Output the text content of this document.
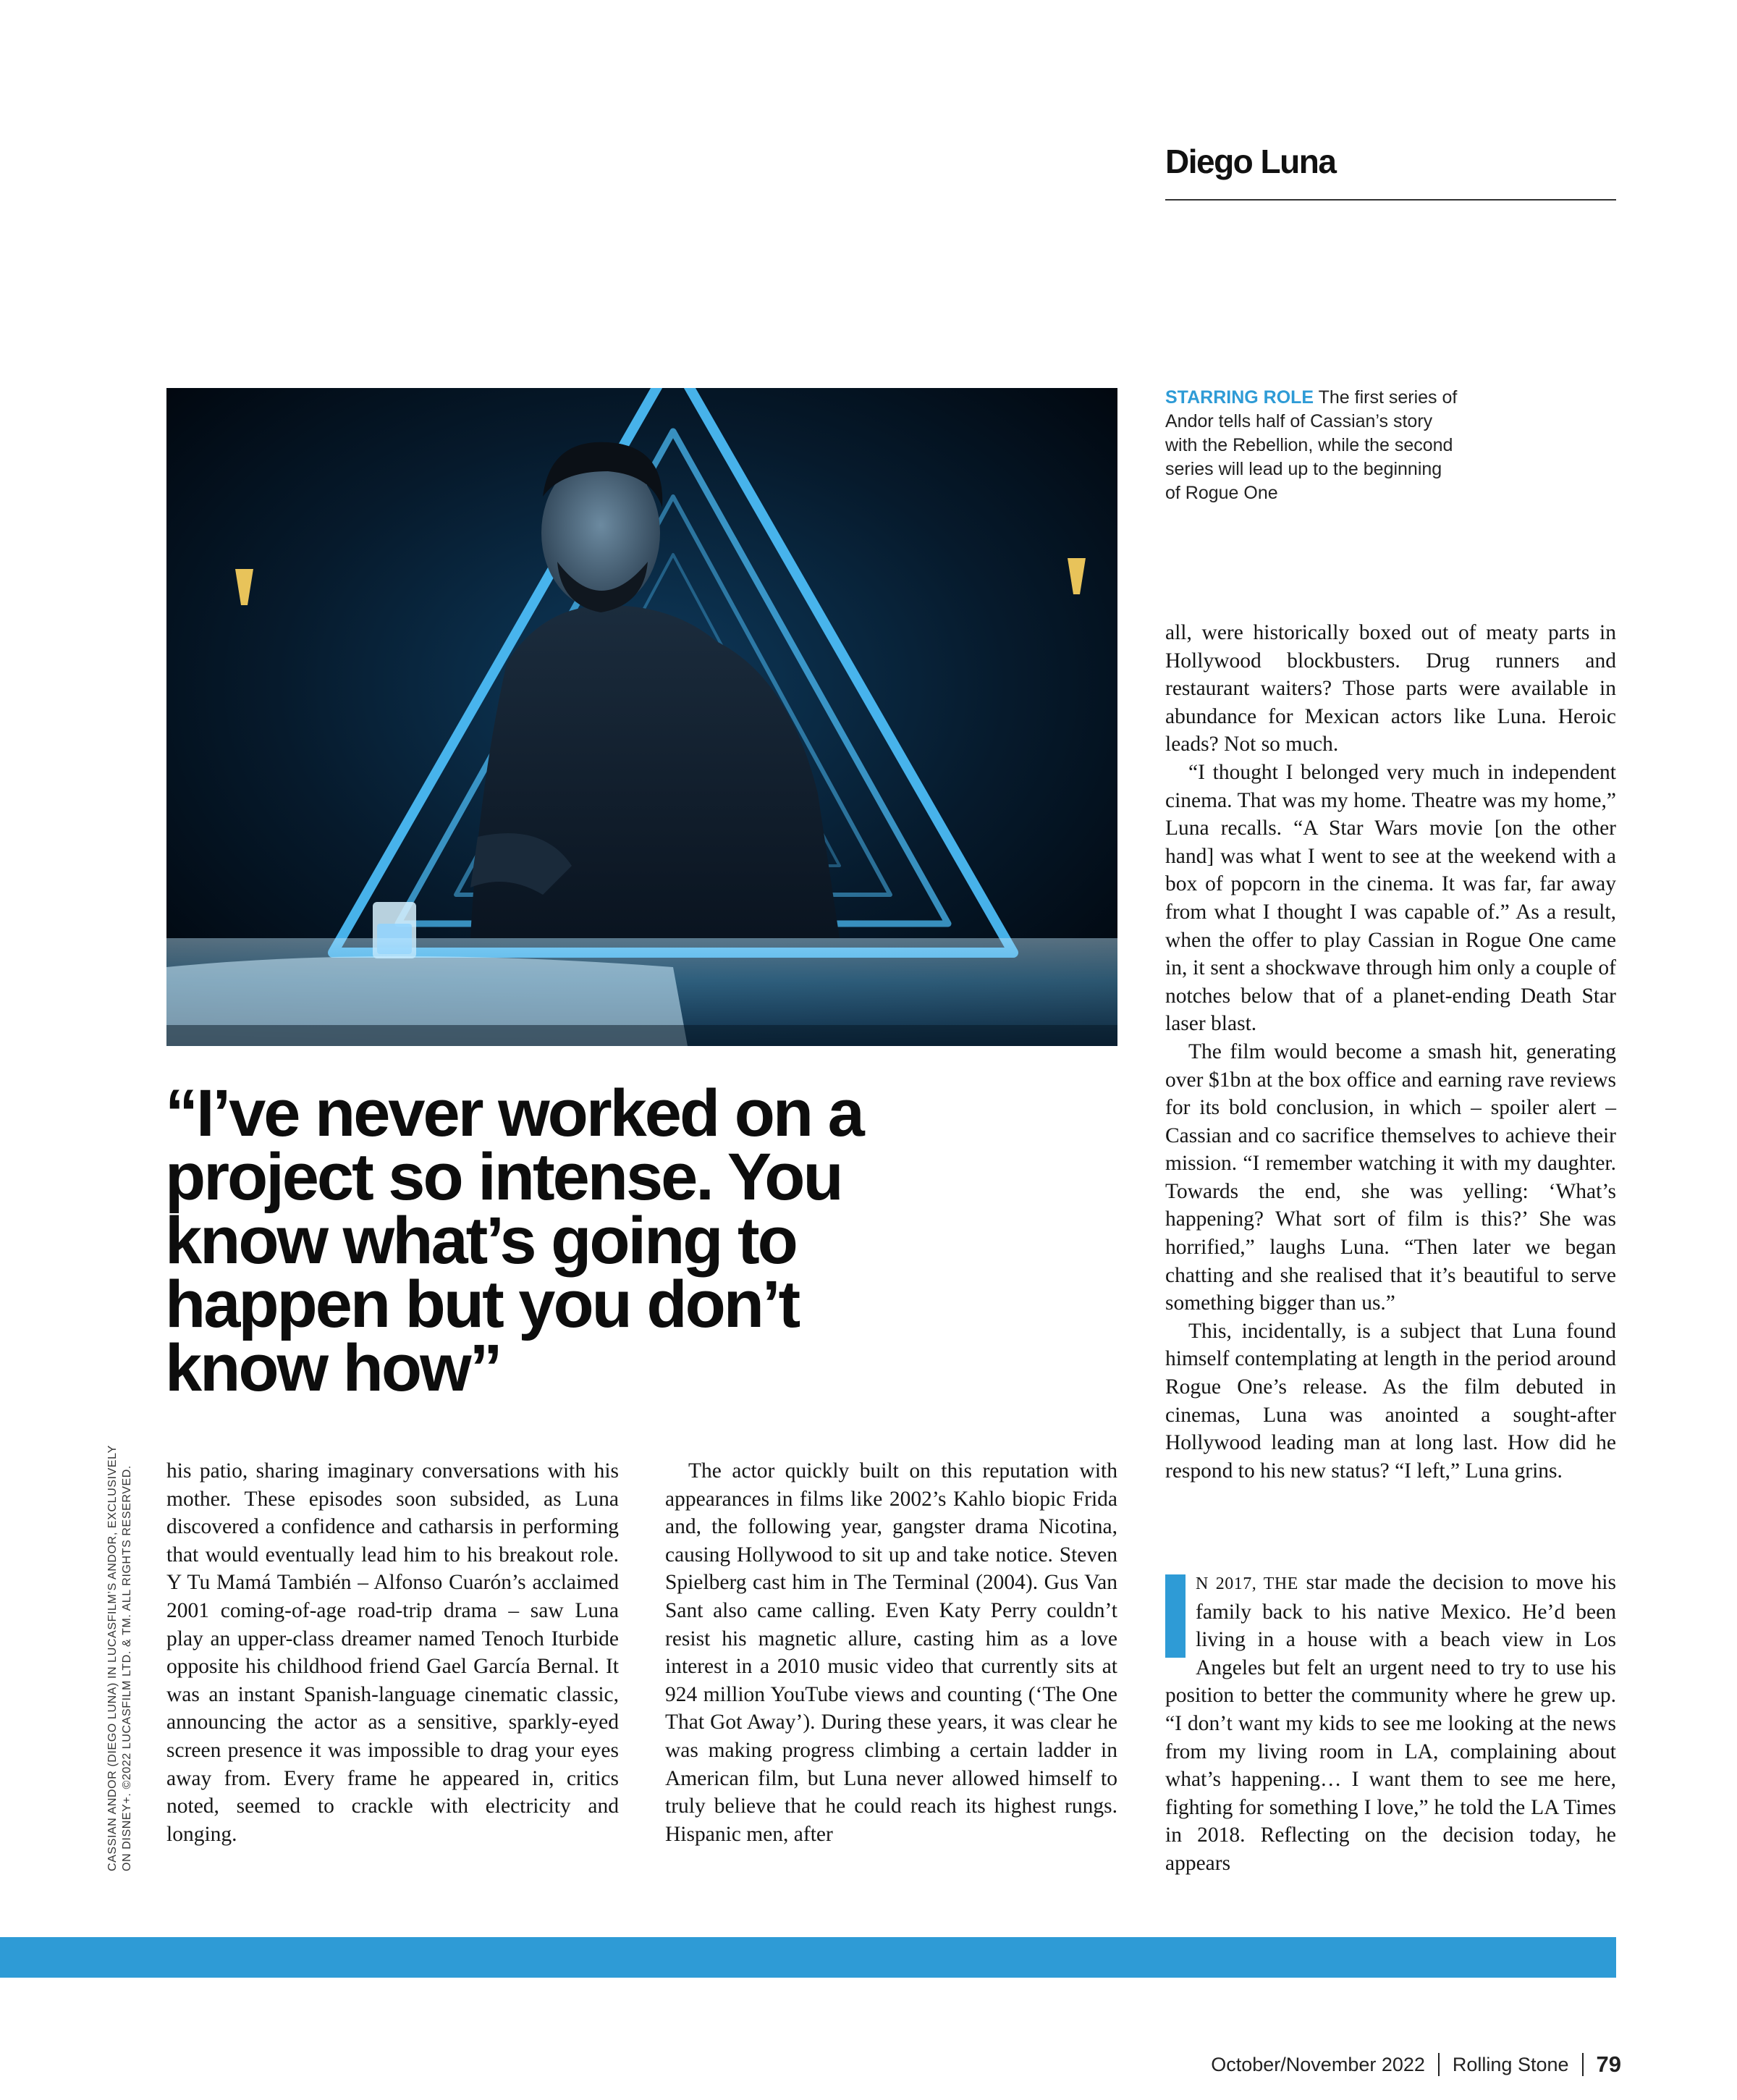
Diego Luna

STARRING ROLE The first series of

Andor tells half of Cassian’s story

with the Rebellion, while the second

series will lead up to the beginning

of Rogue One

“I’ve never worked on a

project so intense. You

know what’s going to

happen but you don’t

know how”

CASSIAN ANDOR (DIEGO LUNA) IN LUCASFILM’S ANDOR, EXCLUSIVELY ON DISNEY+. ©2022 LUCASFILM LTD. & TM. ALL RIGHTS RESERVED. his patio, sharing imaginary conversations with his mother. These episodes soon subsided, as Luna discovered a confidence and catharsis in performing that would eventually lead him to his breakout role. Y Tu Mamá También – Alfonso Cuarón’s acclaimed 2001 coming-of-age road-trip drama – saw Luna play an upper-class dreamer named Tenoch Iturbide opposite his childhood friend Gael García Bernal. It was an instant Spanish-language cinematic classic, announcing the actor as a sensitive, sparkly-eyed screen presence it was impossible to drag your eyes away from. Every frame he appeared in, critics noted, seemed to crackle with electricity and longing.

The actor quickly built on this reputation with appearances in films like 2002’s Kahlo biopic Frida and, the following year, gangster drama Nicotina, causing Hollywood to sit up and take notice. Steven Spielberg cast him in The Terminal (2004). Gus Van Sant also came calling. Even Katy Perry couldn’t resist his magnetic allure, casting him as a love interest in a 2010 music video that currently sits at 924 million YouTube views and counting (‘The One That Got Away’). During these years, it was clear he was making progress climbing a certain ladder in American film, but Luna never allowed himself to truly believe that he could reach its highest rungs. Hispanic men, after

all, were historically boxed out of meaty parts in Hollywood blockbusters. Drug runners and restaurant waiters? Those parts were available in abundance for Mexican actors like Luna. Heroic leads? Not so much.

“I thought I belonged very much in independent cinema. That was my home. Theatre was my home,” Luna recalls. “A Star Wars movie [on the other hand] was what I went to see at the weekend with a box of popcorn in the cinema. It was far, far away from what I thought I was capable of.” As a result, when the offer to play Cassian in Rogue One came in, it sent a shockwave through him only a couple of notches below that of a planet-ending Death Star laser blast.

The film would become a smash hit, generating over $1bn at the box office and earning rave reviews for its bold conclusion, in which – spoiler alert – Cassian and co sacrifice themselves to achieve their mission. “I remember watching it with my daughter. Towards the end, she was yelling: ‘What’s happening? What sort of film is this?’ She was horrified,” laughs Luna. “Then later we began chatting and she realised that it’s beautiful to serve something bigger than us.”

This, incidentally, is a subject that Luna found himself contemplating at length in the period around Rogue One’s release. As the film debuted in cinemas, Luna was anointed a sought-after Hollywood leading man at long last. How did he respond to his new status? “I left,” Luna grins.

N 2017, THE star made the decision to move his family back to his native Mexico. He’d been living in a house with a beach view in Los Angeles but felt an urgent need to try to use his position to better the community where he grew up. “I don’t want my kids to see me looking at the news from my living room in LA, complaining about what’s happening… I want them to see me here, fighting for something I love,” he told the LA Times in 2018. Reflecting on the decision today, he appears

October/November 2022 Rolling Stone 79
